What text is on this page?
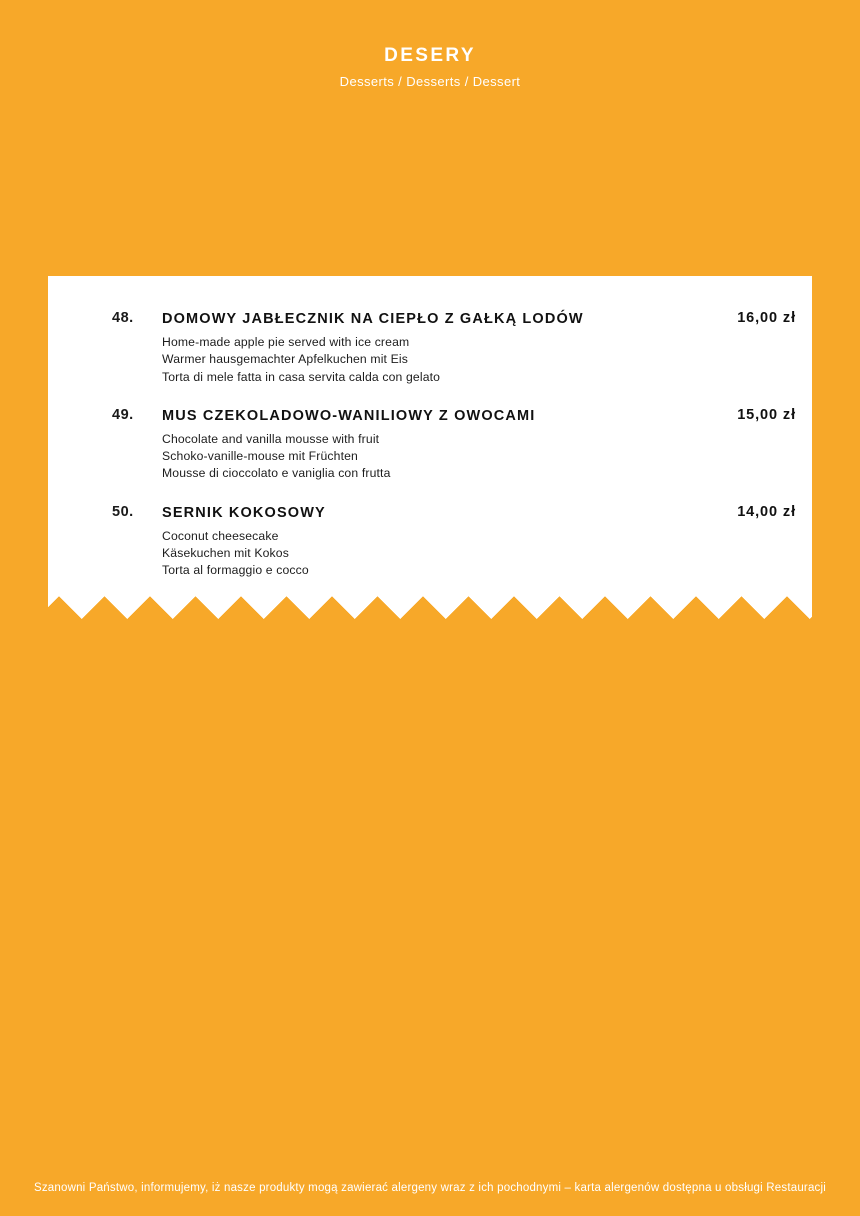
DESERY
Desserts / Desserts / Dessert
48. DOMOWY JABŁECZNIK NA CIEPŁO Z GAŁKĄ LODÓW	16,00 zł
Home-made apple pie served with ice cream
Warmer hausgemachter Apfelkuchen mit Eis
Torta di mele fatta in casa servita calda con gelato
49. MUS CZEKOLADOWO-WANILIOWY Z OWOCAMI	15,00 zł
Chocolate and vanilla mousse with fruit
Schoko-vanille-mouse mit Früchten
Mousse di cioccolato e vaniglia con frutta
50. SERNIK KOKOSOWY	14,00 zł
Coconut cheesecake
Käsekuchen mit Kokos
Torta al formaggio e cocco
Szanowni Państwo, informujemy, iż nasze produkty mogą zawierać alergeny wraz z ich pochodnymi – karta alergenów dostępna u obsługi Restauracji
